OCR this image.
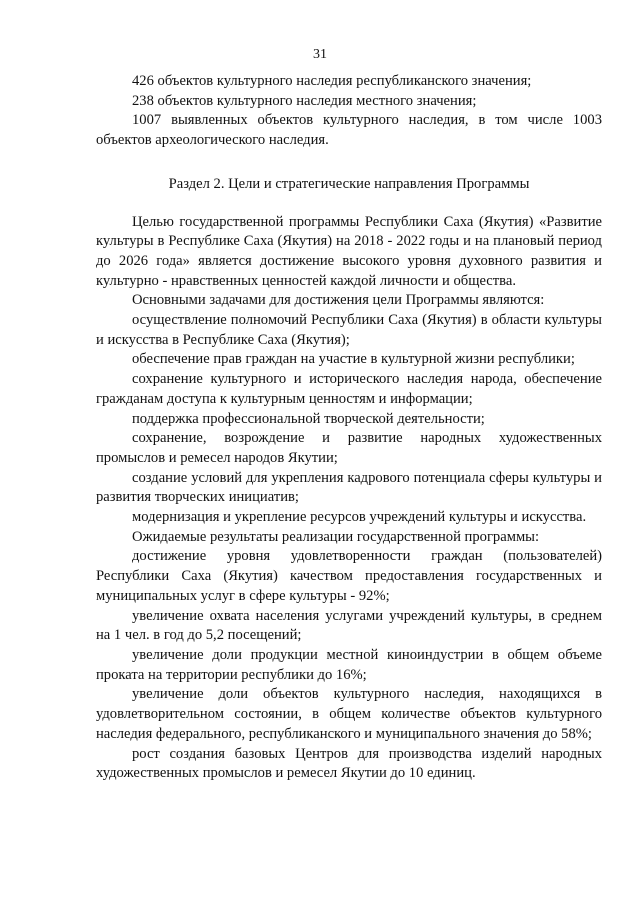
31

426 объектов культурного наследия республиканского значения;

238 объектов культурного наследия местного значения;

1007 выявленных объектов культурного наследия, в том числе 1003 объектов археологического наследия.

Раздел 2. Цели и стратегические направления Программы

Целью государственной программы Республики Саха (Якутия) «Развитие культуры в Республике Саха (Якутия) на 2018 - 2022 годы и на плановый период до 2026 года» является достижение высокого уровня духовного развития и культурно - нравственных ценностей каждой личности и общества.

Основными задачами для достижения цели Программы являются:

осуществление полномочий Республики Саха (Якутия) в области культуры и искусства в Республике Саха (Якутия);

обеспечение прав граждан на участие в культурной жизни республики;

сохранение культурного и исторического наследия народа, обеспечение гражданам доступа к культурным ценностям и информации;

поддержка профессиональной творческой деятельности;

сохранение, возрождение и развитие народных художественных промыслов и ремесел народов Якутии;

создание условий для укрепления кадрового потенциала сферы культуры и развития творческих инициатив;

модернизация и укрепление ресурсов учреждений культуры и искусства.

Ожидаемые результаты реализации государственной программы:

достижение уровня удовлетворенности граждан (пользователей) Республики Саха (Якутия) качеством предоставления государственных и муниципальных услуг в сфере культуры - 92%;

увеличение охвата населения услугами учреждений культуры, в среднем на 1 чел. в год до 5,2 посещений;

увеличение доли продукции местной киноиндустрии в общем объеме проката на территории республики до 16%;

увеличение доли объектов культурного наследия, находящихся в удовлетворительном состоянии, в общем количестве объектов культурного наследия федерального, республиканского и муниципального значения до 58%;

рост создания базовых Центров для производства изделий народных художественных промыслов и ремесел Якутии до 10 единиц.
